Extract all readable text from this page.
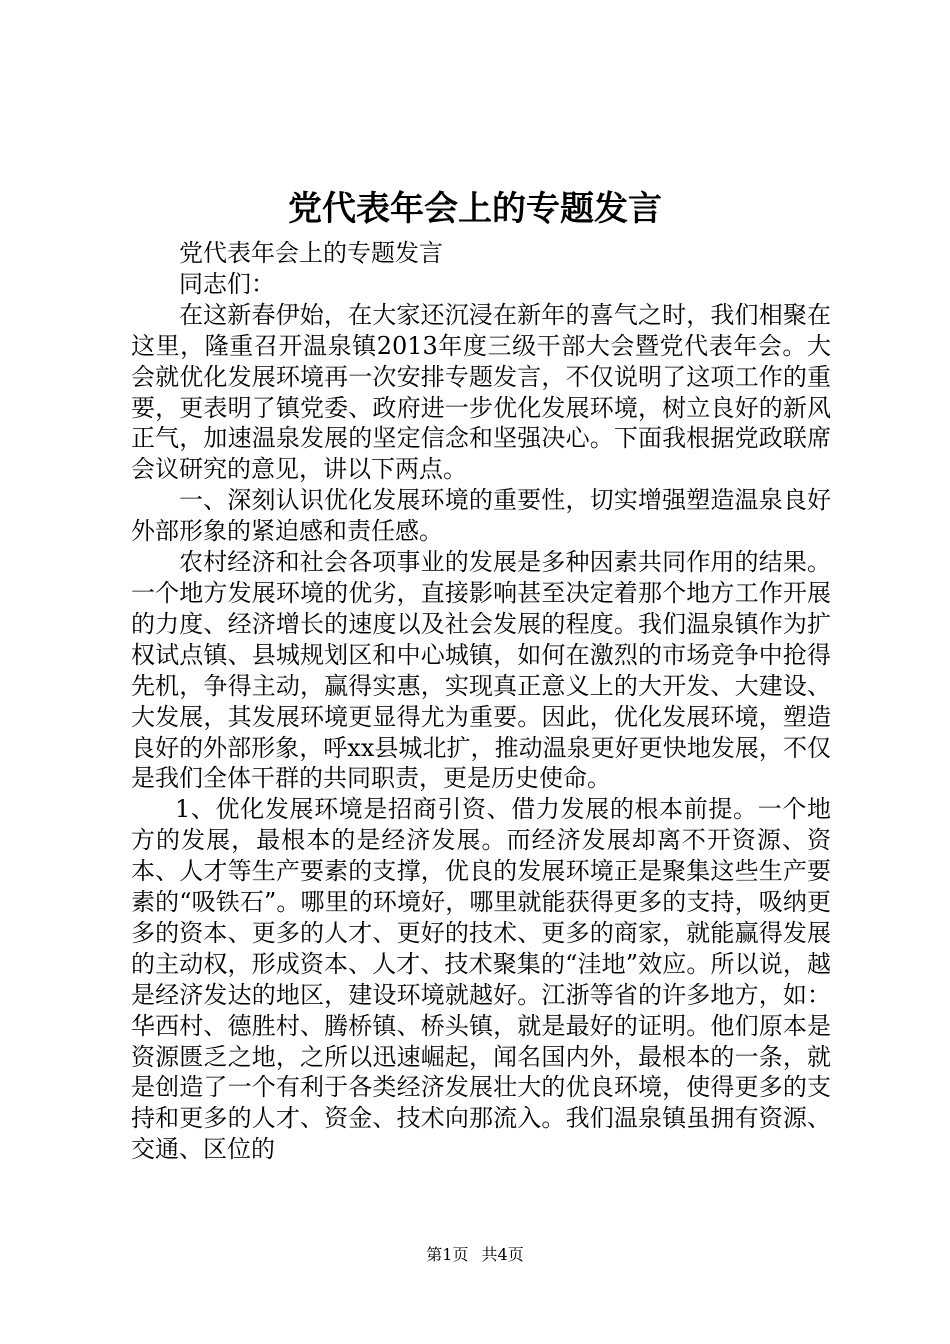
党代表年会上的专题发言

党代表年会上的专题发言

同志们：

在这新春伊始，在大家还沉浸在新年的喜气之时，我们相聚在这里，隆重召开温泉镇2013年度三级干部大会暨党代表年会。大会就优化发展环境再一次安排专题发言，不仅说明了这项工作的重要，更表明了镇党委、政府进一步优化发展环境，树立良好的新风正气，加速温泉发展的坚定信念和坚强决心。下面我根据党政联席会议研究的意见，讲以下两点。

一、深刻认识优化发展环境的重要性，切实增强塑造温泉良好外部形象的紧迫感和责任感。

农村经济和社会各项事业的发展是多种因素共同作用的结果。一个地方发展环境的优劣，直接影响甚至决定着那个地方工作开展的力度、经济增长的速度以及社会发展的程度。我们温泉镇作为扩权试点镇、县城规划区和中心城镇，如何在激烈的市场竞争中抢得先机，争得主动，赢得实惠，实现真正意义上的大开发、大建设、大发展，其发展环境更显得尤为重要。因此，优化发展环境，塑造良好的外部形象，呼xx县城北扩，推动温泉更好更快地发展，不仅是我们全体干群的共同职责，更是历史使命。

1、优化发展环境是招商引资、借力发展的根本前提。一个地方的发展，最根本的是经济发展。而经济发展却离不开资源、资本、人才等生产要素的支撑，优良的发展环境正是聚集这些生产要素的“吸铁石”。哪里的环境好，哪里就能获得更多的支持，吸纳更多的资本、更多的人才、更好的技术、更多的商家，就能赢得发展的主动权，形成资本、人才、技术聚集的“洼地”效应。所以说，越是经济发达的地区，建设环境就越好。江浙等省的许多地方，如：华西村、德胜村、腾桥镇、桥头镇，就是最好的证明。他们原本是资源匮乏之地，之所以迅速崛起，闻名国内外，最根本的一条，就是创造了一个有利于各类经济发展壮大的优良环境，使得更多的支持和更多的人才、资金、技术向那流入。我们温泉镇虽拥有资源、交通、区位的

第1页 共4页
